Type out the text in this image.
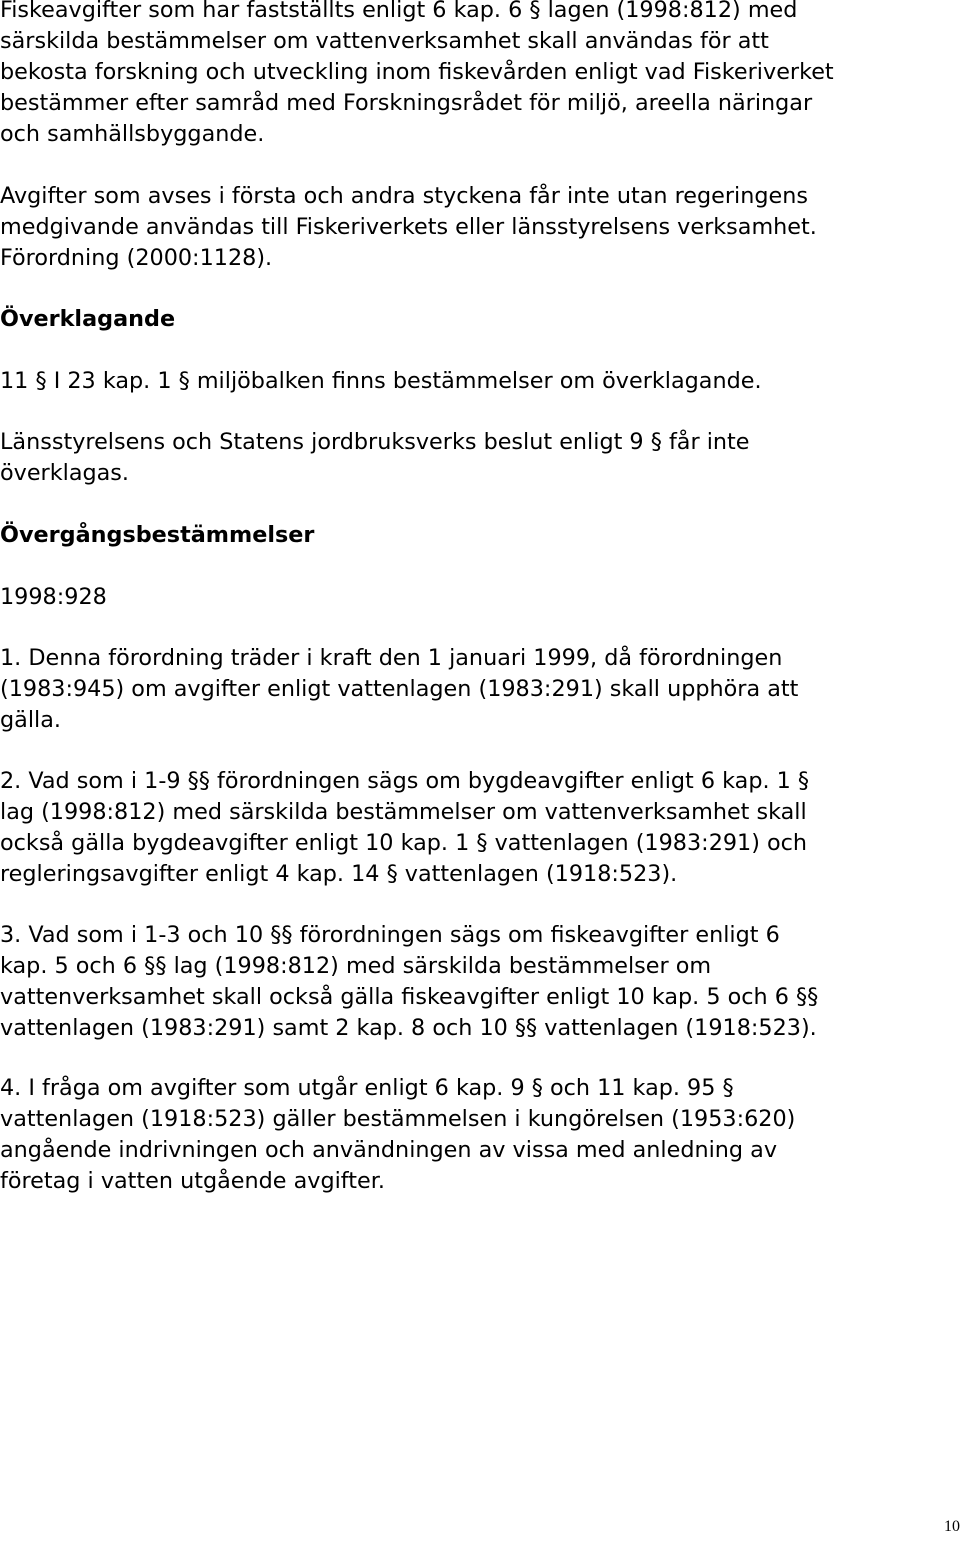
Fiskeavgifter som har fastställts enligt 6 kap. 6 § lagen (1998:812) med
särskilda bestämmelser om vattenverksamhet skall användas för att
bekosta forskning och utveckling inom fiskevården enligt vad Fiskeriverket
bestämmer efter samråd med Forskningsrådet för miljö, areella näringar
och samhällsbyggande.
Avgifter som avses i första och andra styckena får inte utan regeringens
medgivande användas till Fiskeriverkets eller länsstyrelsens verksamhet.
Förordning (2000:1128).
Överklagande
11 § I 23 kap. 1 § miljöbalken finns bestämmelser om överklagande.
Länsstyrelsens och Statens jordbruksverks beslut enligt 9 § får inte
överklagas.
Övergångsbestämmelser
1998:928
1. Denna förordning träder i kraft den 1 januari 1999, då förordningen
(1983:945) om avgifter enligt vattenlagen (1983:291) skall upphöra att
gälla.
2. Vad som i 1-9 §§ förordningen sägs om bygdeavgifter enligt 6 kap. 1 §
lag (1998:812) med särskilda bestämmelser om vattenverksamhet skall
också gälla bygdeavgifter enligt 10 kap. 1 § vattenlagen (1983:291) och
regleringsavgifter enligt 4 kap. 14 § vattenlagen (1918:523).
3. Vad som i 1-3 och 10 §§ förordningen sägs om fiskeavgifter enligt 6
kap. 5 och 6 §§ lag (1998:812) med särskilda bestämmelser om
vattenverksamhet skall också gälla fiskeavgifter enligt 10 kap. 5 och 6 §§
vattenlagen (1983:291) samt 2 kap. 8 och 10 §§ vattenlagen (1918:523).
4. I fråga om avgifter som utgår enligt 6 kap. 9 § och 11 kap. 95 §
vattenlagen (1918:523) gäller bestämmelsen i kungörelsen (1953:620)
angående indrivningen och användningen av vissa med anledning av
företag i vatten utgående avgifter.
10
